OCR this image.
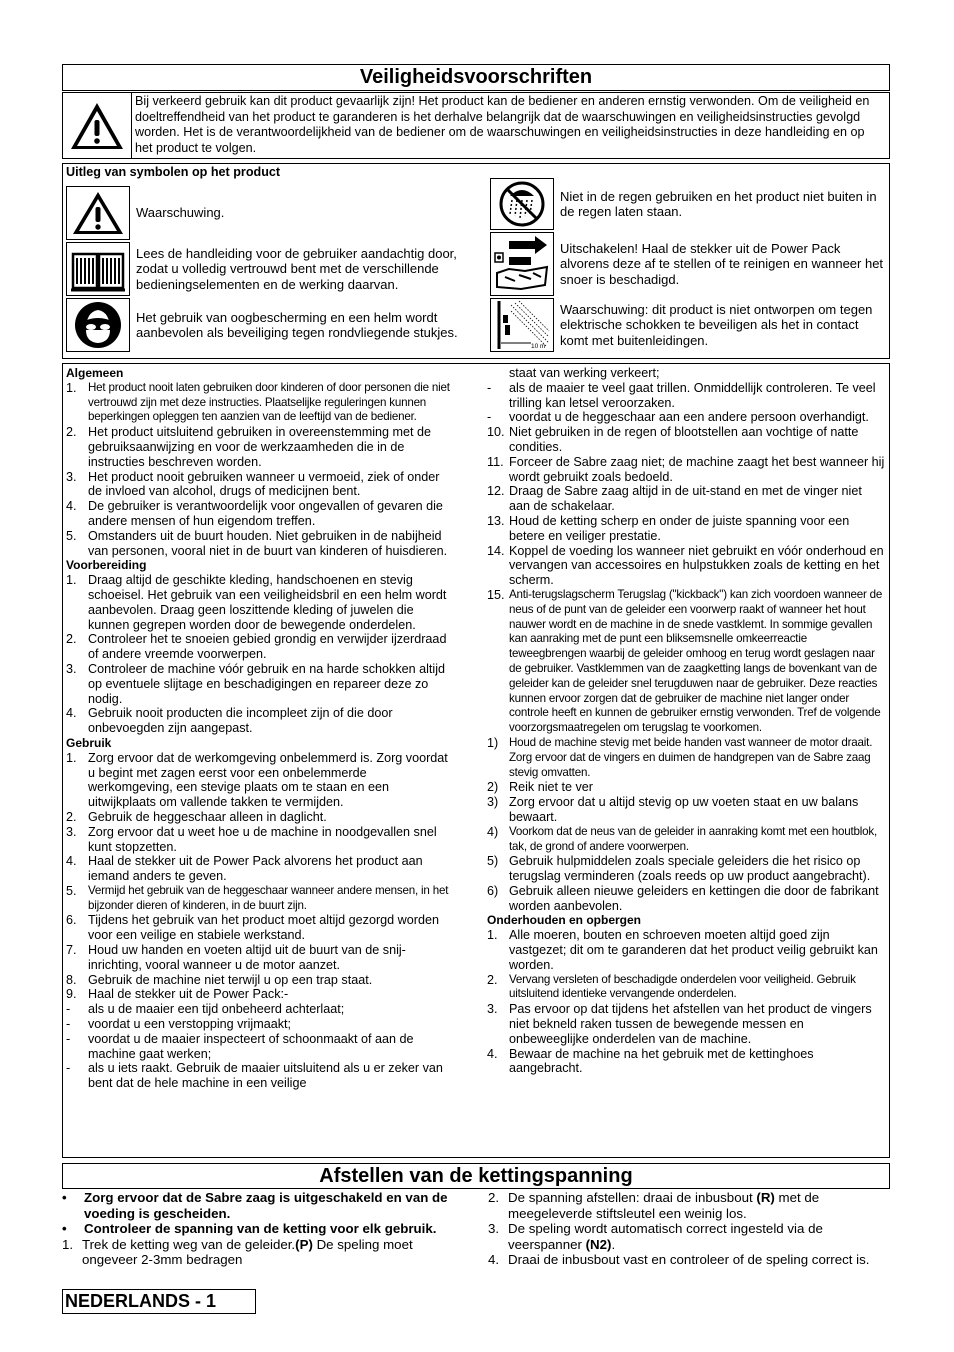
Veiligheidsvoorschriften
Bij verkeerd gebruik kan dit product gevaarlijk zijn! Het product kan de bediener en anderen ernstig verwonden. Om de veiligheid en doeltreffendheid van het product te garanderen is het derhalve belangrijk dat de waarschuwingen en veiligheidsinstructies gevolgd worden. Het is de verantwoordelijkheid van de bediener om de waarschuwingen en veiligheidsinstructies in deze handleiding en op het product te volgen.
Uitleg van symbolen op het product
Waarschuwing.
Lees de handleiding voor de gebruiker aandachtig door, zodat u volledig vertrouwd bent met de verschillende bedieningselementen en de werking daarvan.
Het gebruik van oogbescherming en een helm wordt aanbevolen als beveiliging tegen rondvliegende stukjes.
Niet in de regen gebruiken en het product niet buiten in de regen laten staan.
Uitschakelen! Haal de stekker uit de Power Pack alvorens deze af te stellen of te reinigen en wanneer het snoer is beschadigd.
10 m
Waarschuwing: dit product is niet ontworpen om tegen elektrische schokken te beveiligen als het in contact komt met buitenleidingen.
Algemeen
1. Het product nooit laten gebruiken door kinderen of door personen die niet vertrouwd zijn met deze instructies. Plaatselijke reguleringen kunnen beperkingen opleggen ten aanzien van de leeftijd van de bediener.
2. Het product uitsluitend gebruiken in overeenstemming met de gebruiksaanwijzing en voor de werkzaamheden die in de instructies beschreven worden.
3. Het product nooit gebruiken wanneer u vermoeid, ziek of onder de invloed van alcohol, drugs of medicijnen bent.
4. De gebruiker is verantwoordelijk voor ongevallen of gevaren die andere mensen of hun eigendom treffen.
5. Omstanders uit de buurt houden. Niet gebruiken in de nabijheid van personen, vooral niet in de buurt van kinderen of huisdieren.
Voorbereiding
1. Draag altijd de geschikte kleding, handschoenen en stevig schoeisel. Het gebruik van een veiligheidsbril en een helm wordt aanbevolen. Draag geen loszittende kleding of juwelen die kunnen gegrepen worden door de bewegende onderdelen.
2. Controleer het te snoeien gebied grondig en verwijder ijzerdraad of andere vreemde voorwerpen.
3. Controleer de machine vóór gebruik en na harde schokken altijd op eventuele slijtage en beschadigingen en repareer deze zo nodig.
4. Gebruik nooit producten die incompleet zijn of die door onbevoegden zijn aangepast.
Gebruik
1. Zorg ervoor dat de werkomgeving onbelemmerd is. Zorg voordat u begint met zagen eerst voor een onbelemmerde werkomgeving, een stevige plaats om te staan en een uitwijkplaats om vallende takken te vermijden.
2. Gebruik de heggeschaar alleen in daglicht.
3. Zorg ervoor dat u weet hoe u de machine in noodgevallen snel kunt stopzetten.
4. Haal de stekker uit de Power Pack alvorens het product aan iemand anders te geven.
5. Vermijd het gebruik van de heggeschaar wanneer andere mensen, in het bijzonder dieren of kinderen, in de buurt zijn.
6. Tijdens het gebruik van het product moet altijd gezorgd worden voor een veilige en stabiele werkstand.
7. Houd uw handen en voeten altijd uit de buurt van de snij-inrichting, vooral wanneer u de motor aanzet.
8. Gebruik de machine niet terwijl u op een trap staat.
9. Haal de stekker uit de Power Pack:-
-	als u de maaier een tijd onbeheerd achterlaat;
-	voordat u een verstopping vrijmaakt;
-	voordat u de maaier inspecteert of schoonmaakt of aan de machine gaat werken;
-	als u iets raakt. Gebruik de maaier uitsluitend als u er zeker van bent dat de hele machine in een veilige
staat van werking verkeert;
-	als de maaier te veel gaat trillen. Onmiddellijk controleren. Te veel trilling kan letsel veroorzaken.
-	voordat u de heggeschaar aan een andere persoon overhandigt.
10. Niet gebruiken in de regen of blootstellen aan vochtige of natte condities.
11. Forceer de Sabre zaag niet; de machine zaagt het best wanneer hij wordt gebruikt zoals bedoeld.
12. Draag de Sabre zaag altijd in de uit-stand en met de vinger niet aan de schakelaar.
13. Houd de ketting scherp en onder de juiste spanning voor een betere en veiliger prestatie.
14. Koppel de voeding los wanneer niet gebruikt en vóór onderhoud en vervangen van accessoires en hulpstukken zoals de ketting en het scherm.
15. Anti-terugslagscherm Terugslag ("kickback") kan zich voordoen wanneer de neus of de punt van de geleider een voorwerp raakt of wanneer het hout nauwer wordt en de machine in de snede vastklemt. In sommige gevallen kan aanraking met de punt een bliksemsnelle omkeerreactie teweegbrengen waarbij de geleider omhoog en terug wordt geslagen naar de gebruiker. Vastklemmen van de zaagketting langs de bovenkant van de geleider kan de geleider snel terugduwen naar de gebruiker. Deze reacties kunnen ervoor zorgen dat de gebruiker de machine niet langer onder controle heeft en kunnen de gebruiker ernstig verwonden. Tref de volgende voorzorgsmaatregelen om terugslag te voorkomen.
1) Houd de machine stevig met beide handen vast wanneer de motor draait. Zorg ervoor dat de vingers en duimen de handgrepen van de Sabre zaag stevig omvatten.
2) Reik niet te ver
3) Zorg ervoor dat u altijd stevig op uw voeten staat en uw balans bewaart.
4) Voorkom dat de neus van de geleider in aanraking komt met een houtblok, tak, de grond of andere voorwerpen.
5) Gebruik hulpmiddelen zoals speciale geleiders die het risico op terugslag verminderen (zoals reeds op uw product aangebracht).
6) Gebruik alleen nieuwe geleiders en kettingen die door de fabrikant worden aanbevolen.
Onderhouden en opbergen
1. Alle moeren, bouten en schroeven moeten altijd goed zijn vastgezet; dit om te garanderen dat het product veilig gebruikt kan worden.
2. Vervang versleten of beschadigde onderdelen voor veiligheid. Gebruik uitsluitend identieke vervangende onderdelen.
3. Pas ervoor op dat tijdens het afstellen van het product de vingers niet bekneld raken tussen de bewegende messen en onbeweeglijke onderdelen van de machine.
4. Bewaar de machine na het gebruik met de kettinghoes aangebracht.
Afstellen van de kettingspanning
•	Zorg ervoor dat de Sabre zaag is uitgeschakeld en van de voeding is gescheiden.
•	Controleer de spanning van de ketting voor elk gebruik.
1. Trek de ketting weg van de geleider.(P) De speling moet ongeveer 2-3mm bedragen
2. De spanning afstellen: draai de inbusbout (R) met de meegeleverde stiftsleutel een weinig los.
3. De speling wordt automatisch correct ingesteld via de veerspanner (N2).
4. Draai de inbusbout vast en controleer of de speling correct is.
NEDERLANDS - 1
